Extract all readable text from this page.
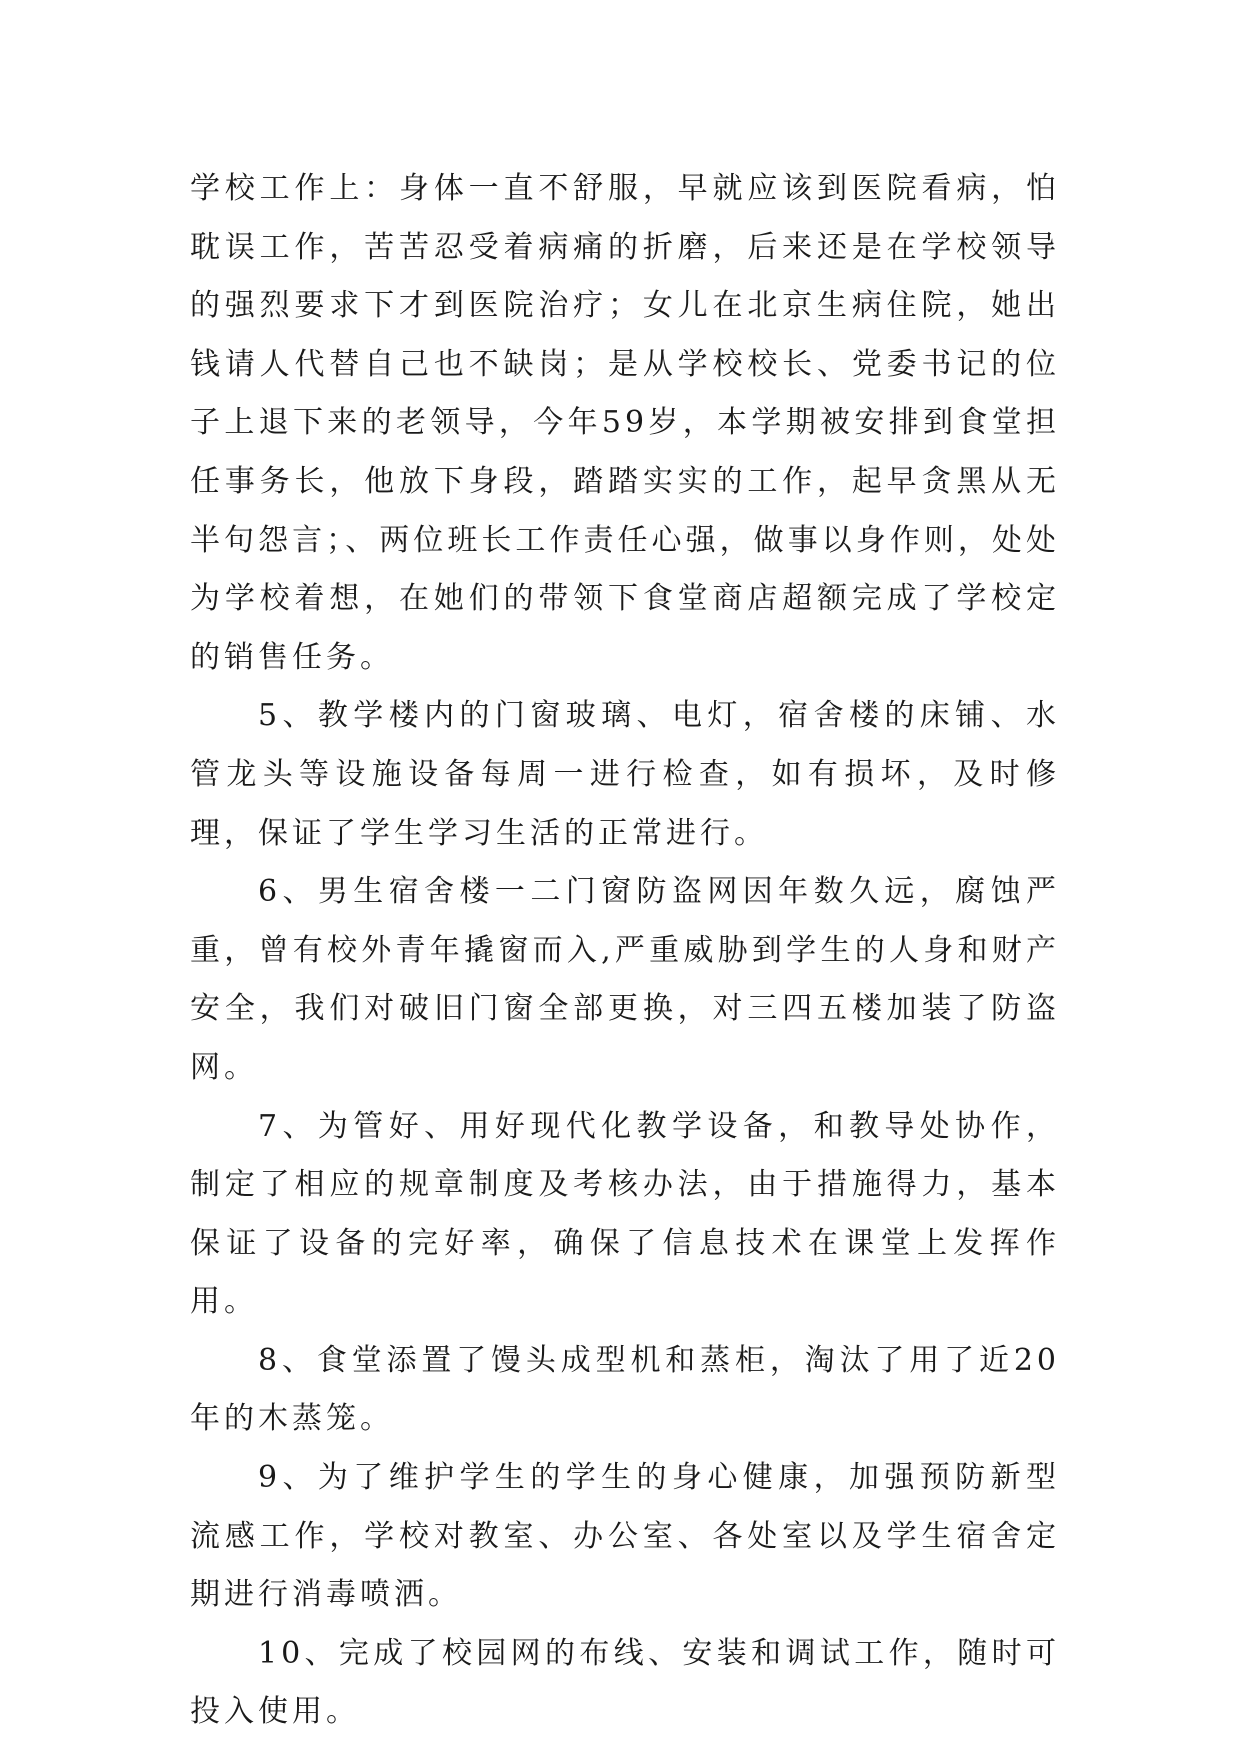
学校工作上：身体一直不舒服，早就应该到医院看病，怕耽误工作，苦苦忍受着病痛的折磨，后来还是在学校领导的强烈要求下才到医院治疗；女儿在北京生病住院，她出钱请人代替自己也不缺岗；是从学校校长、党委书记的位子上退下来的老领导，今年59岁，本学期被安排到食堂担任事务长，他放下身段，踏踏实实的工作，起早贪黑从无半句怨言；、两位班长工作责任心强，做事以身作则，处处为学校着想，在她们的带领下食堂商店超额完成了学校定的销售任务。

5、教学楼内的门窗玻璃、电灯，宿舍楼的床铺、水管龙头等设施设备每周一进行检查，如有损坏，及时修理，保证了学生学习生活的正常进行。

6、男生宿舍楼一二门窗防盗网因年数久远，腐蚀严重，曾有校外青年撬窗而入,严重威胁到学生的人身和财产安全，我们对破旧门窗全部更换，对三四五楼加装了防盗网。

7、为管好、用好现代化教学设备，和教导处协作，制定了相应的规章制度及考核办法，由于措施得力，基本保证了设备的完好率，确保了信息技术在课堂上发挥作用。

8、食堂添置了馒头成型机和蒸柜，淘汰了用了近20年的木蒸笼。

9、为了维护学生的学生的身心健康，加强预防新型流感工作，学校对教室、办公室、各处室以及学生宿舍定期进行消毒喷洒。

10、完成了校园网的布线、安装和调试工作，随时可投入使用。
